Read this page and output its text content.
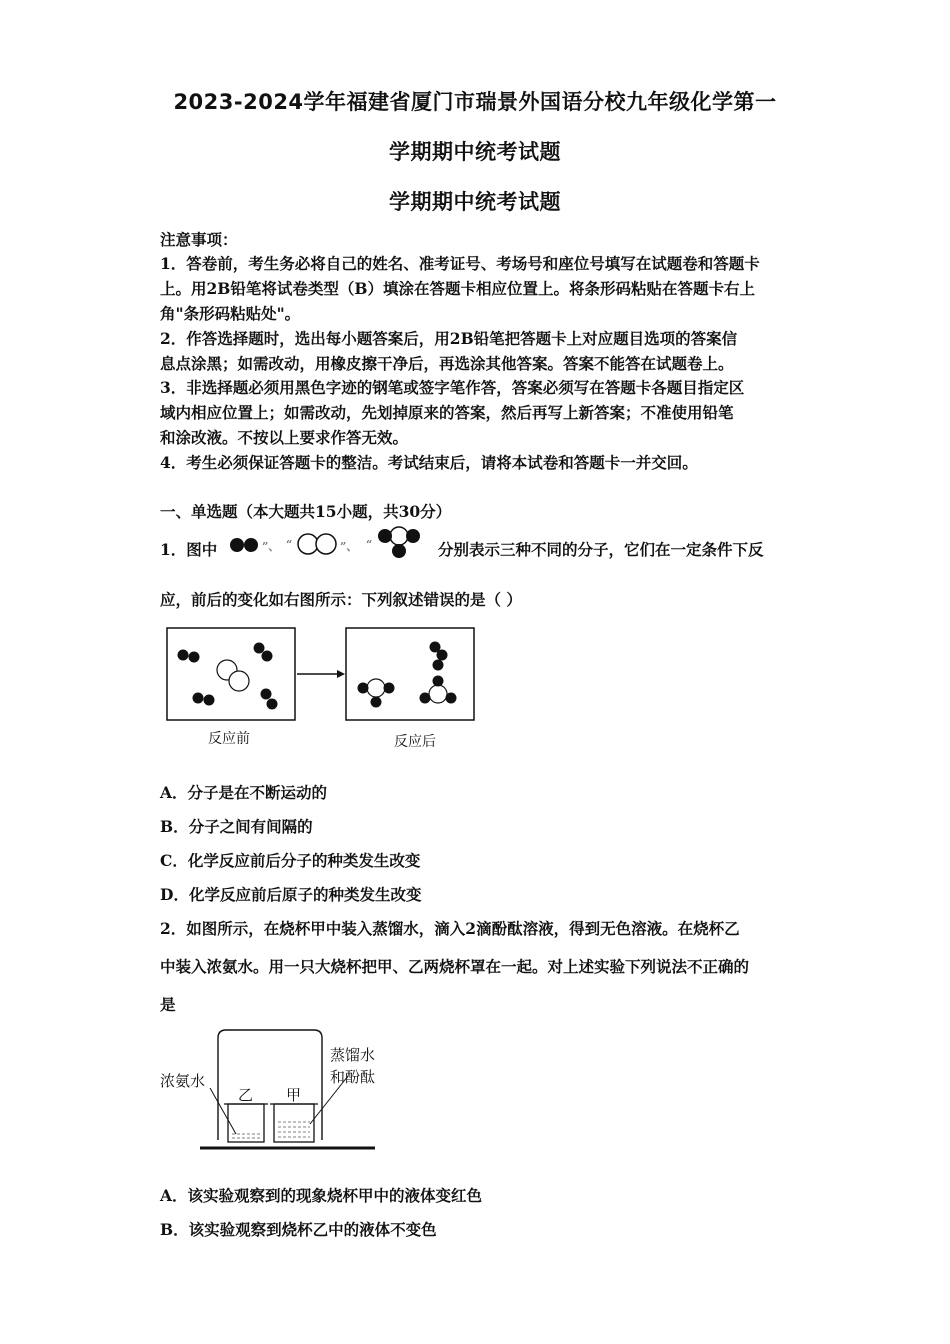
2023-2024学年福建省厦门市瑞景外国语分校九年级化学第一
学期期中统考试题
学期期中统考试题
注意事项：
1．答卷前，考生务必将自己的姓名、准考证号、考场号和座位号填写在试题卷和答题卡
上。用2B铅笔将试卷类型（B）填涂在答题卡相应位置上。将条形码粘贴在答题卡右上
角"条形码粘贴处"。
2．作答选择题时，选出每小题答案后，用2B铅笔把答题卡上对应题目选项的答案信
息点涂黑；如需改动，用橡皮擦干净后，再选涂其他答案。答案不能答在试题卷上。
3．非选择题必须用黑色字迹的钢笔或签字笔作答，答案必须写在答题卡各题目指定区
域内相应位置上；如需改动，先划掉原来的答案，然后再写上新答案；不准使用铅笔
和涂改液。不按以上要求作答无效。
4．考生必须保证答题卡的整洁。考试结束后，请将本试卷和答题卡一并交回。
一、单选题（本大题共15小题，共30分）
1．图中	”、 “	”、 “	分别表示三种不同的分子，它们在一定条件下反
应，前后的变化如右图所示：下列叙述错误的是（ ）
反应前	反应后
A．分子是在不断运动的
B．分子之间有间隔的
C．化学反应前后分子的种类发生改变
D．化学反应前后原子的种类发生改变
2．如图所示，在烧杯甲中装入蒸馏水，滴入2滴酚酞溶液，得到无色溶液。在烧杯乙
中装入浓氨水。用一只大烧杯把甲、乙两烧杯罩在一起。对上述实验下列说法不正确的
是
浓氨水
乙 甲
蒸馏水
和酚酞
A．该实验观察到的现象烧杯甲中的液体变红色
B．该实验观察到烧杯乙中的液体不变色
